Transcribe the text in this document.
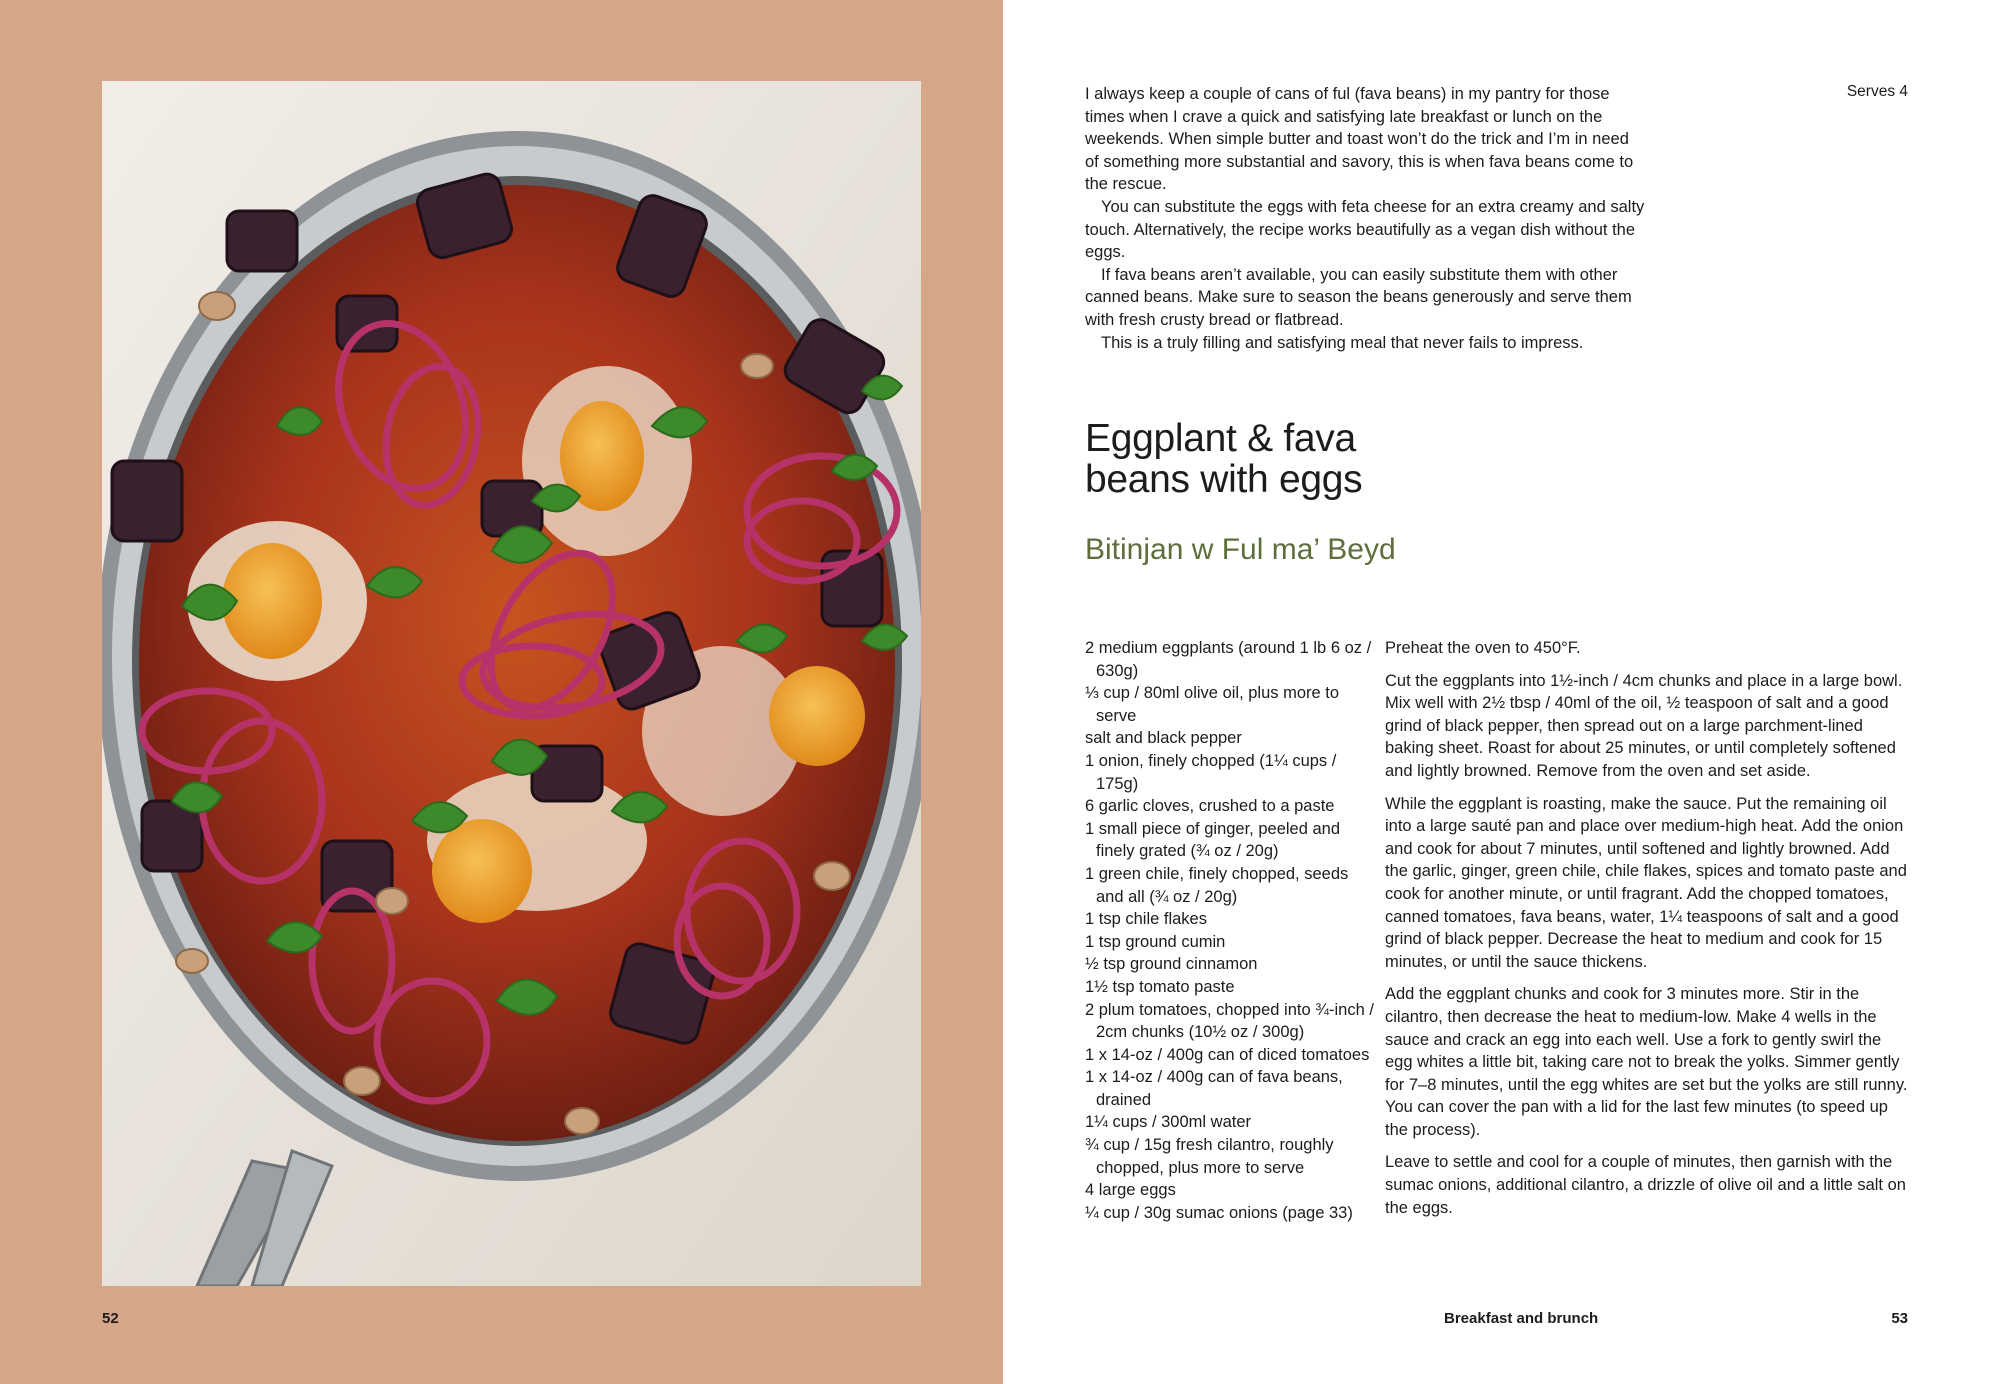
52

I always keep a couple of cans of ful (fava beans) in my pantry for those times when I crave a quick and satisfying late breakfast or lunch on the weekends. When simple butter and toast won’t do the trick and I’m in need of something more substantial and savory, this is when fava beans come to the rescue.

You can substitute the eggs with feta cheese for an extra creamy and salty touch. Alternatively, the recipe works beautifully as a vegan dish without the eggs.

If fava beans aren’t available, you can easily substitute them with other canned beans. Make sure to season the beans generously and serve them with fresh crusty bread or flatbread.

This is a truly filling and satisfying meal that never fails to impress.

Serves 4
Eggplant & fava
beans with eggs
Bitinjan w Ful ma’ Beyd
2 medium eggplants (around 1 lb 6 oz / 630g)
⅓ cup / 80ml olive oil, plus more to serve
salt and black pepper
1 onion, finely chopped (1¼ cups / 175g)
6 garlic cloves, crushed to a paste
1 small piece of ginger, peeled and finely grated (¾ oz / 20g)
1 green chile, finely chopped, seeds and all (¾ oz / 20g)
1 tsp chile flakes
1 tsp ground cumin
½ tsp ground cinnamon
1½ tsp tomato paste
2 plum tomatoes, chopped into ¾-inch / 2cm chunks (10½ oz / 300g)
1 x 14-oz / 400g can of diced tomatoes
1 x 14-oz / 400g can of fava beans, drained
1¼ cups / 300ml water
¾ cup / 15g fresh cilantro, roughly chopped, plus more to serve
4 large eggs
¼ cup / 30g sumac onions (page 33)

Preheat the oven to 450°F.

Cut the eggplants into 1½-inch / 4cm chunks and place in a large bowl. Mix well with 2½ tbsp / 40ml of the oil, ½ teaspoon of salt and a good grind of black pepper, then spread out on a large parchment-lined baking sheet. Roast for about 25 minutes, or until completely softened and lightly browned. Remove from the oven and set aside.

While the eggplant is roasting, make the sauce. Put the remaining oil into a large sauté pan and place over medium-high heat. Add the onion and cook for about 7 minutes, until softened and lightly browned. Add the garlic, ginger, green chile, chile flakes, spices and tomato paste and cook for another minute, or until fragrant. Add the chopped tomatoes, canned tomatoes, fava beans, water, 1¼ teaspoons of salt and a good grind of black pepper. Decrease the heat to medium and cook for 15 minutes, or until the sauce thickens.

Add the eggplant chunks and cook for 3 minutes more. Stir in the cilantro, then decrease the heat to medium-low. Make 4 wells in the sauce and crack an egg into each well. Use a fork to gently swirl the egg whites a little bit, taking care not to break the yolks. Simmer gently for 7–8 minutes, until the egg whites are set but the yolks are still runny. You can cover the pan with a lid for the last few minutes (to speed up the process).

Leave to settle and cool for a couple of minutes, then garnish with the sumac onions, additional cilantro, a drizzle of olive oil and a little salt on the eggs.

Breakfast and brunch	53
